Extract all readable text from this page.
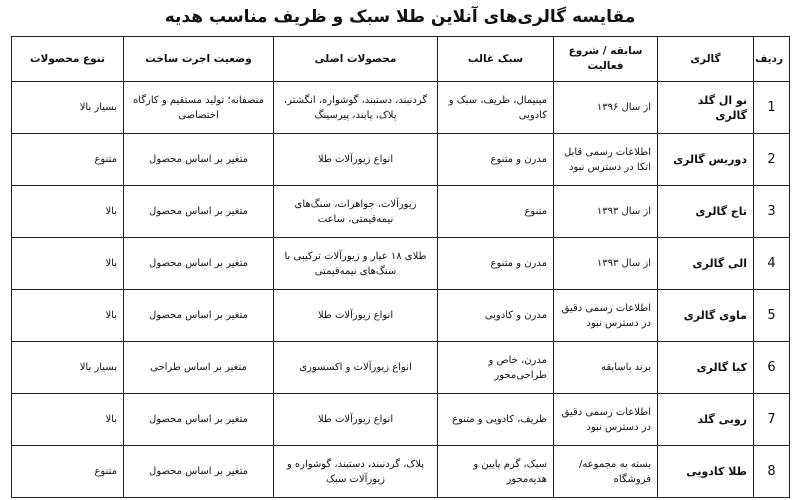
مقایسه گالری‌های آنلاین طلا سبک و ظریف مناسب هدیه
ردیف	گالری	سابقه / شروع فعالیت	سبک غالب	محصولات اصلی	وضعیت اجرت ساخت	تنوع محصولات
1	نو ال گلد گالری	از سال ۱۳۹۶	مینیمال، ظریف، سبک و کادویی	گردنبند، دستبند، گوشواره، انگشتر، پلاک، پابند، پیرسینگ	منصفانه؛ تولید مستقیم و کارگاه اختصاصی	بسیار بالا
2	دوریس گالری	اطلاعات رسمی قابل اتکا در دسترس نبود	مدرن و متنوع	انواع زیورآلات طلا	متغیر بر اساس محصول	متنوع
3	تاج گالری	از سال ۱۳۹۳	متنوع	زیورآلات، جواهرات، سنگ‌های نیمه‌قیمتی، ساعت	متغیر بر اساس محصول	بالا
4	الی گالری	از سال ۱۳۹۳	مدرن و متنوع	طلای ۱۸ عیار و زیورآلات ترکیبی با سنگ‌های نیمه‌قیمتی	متغیر بر اساس محصول	بالا
5	ماوی گالری	اطلاعات رسمی دقیق در دسترس نبود	مدرن و کادویی	انواع زیورآلات طلا	متغیر بر اساس محصول	بالا
6	کیا گالری	برند باسابقه	مدرن، خاص و طراحی‌محور	انواع زیورآلات و اکسسوری	متغیر بر اساس طراحی	بسیار بالا
7	روبی گلد	اطلاعات رسمی دقیق در دسترس نبود	ظریف، کادویی و متنوع	انواع زیورآلات طلا	متغیر بر اساس محصول	بالا
8	طلا کادویی	بسته به مجموعه/ فروشگاه	سبک، گرم پایین و هدیه‌محور	پلاک، گردنبند، دستبند، گوشواره و زیورآلات سبک	متغیر بر اساس محصول	متنوع
